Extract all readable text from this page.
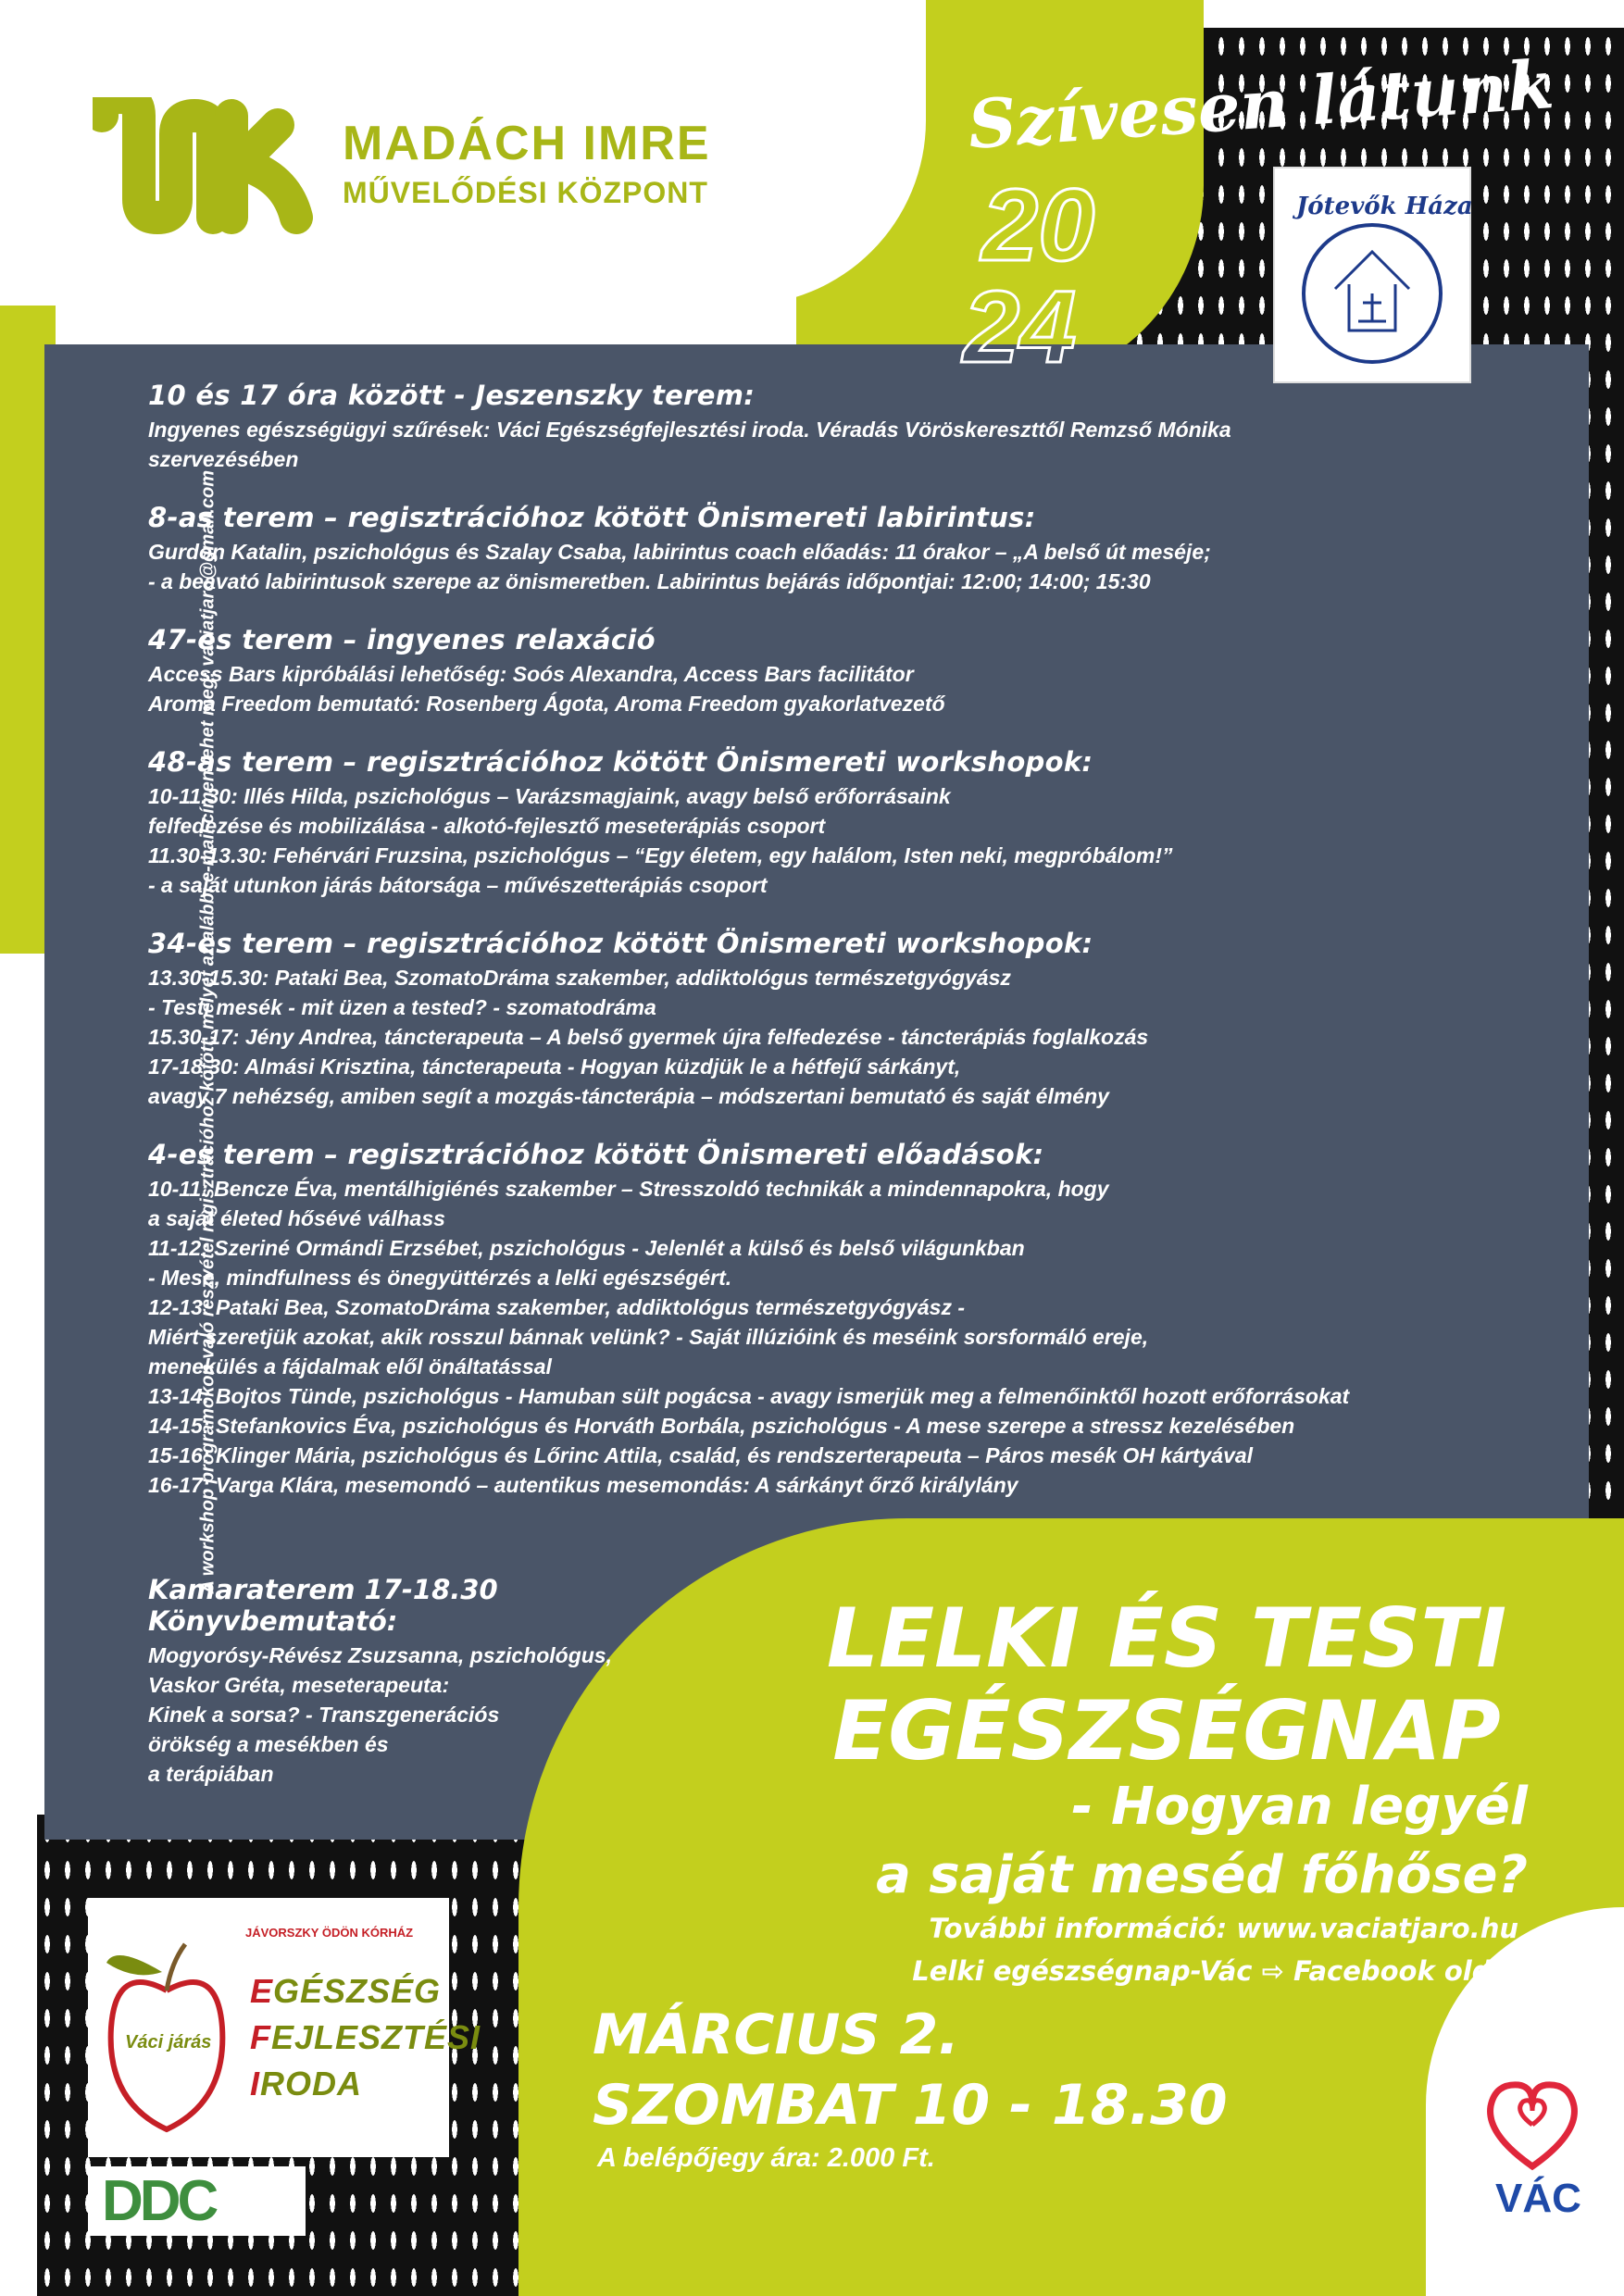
MADÁCH IMRE
MŰVELŐDÉSI KÖZPONT
Szívesen látunk
20
24
Jótevők Háza
A workshop programokon való részvétel regisztrációhoz kötött, melyet az alábbi e-mail címen tehet meg: vaciatjaro@gmail.com
10 és 17 óra között - Jeszenszky terem:

Ingyenes egészségügyi szűrések: Váci Egészségfejlesztési iroda. Véradás Vöröskereszttől Remzső Mónika

szervezésében

8-as terem – regisztrációhoz kötött Önismereti labirintus:

Gurdon Katalin, pszichológus és Szalay Csaba, labirintus coach előadás: 11 órakor – „A belső út meséje;

- a beavató labirintusok szerepe az önismeretben. Labirintus bejárás időpontjai: 12:00; 14:00; 15:30

47-es terem – ingyenes relaxáció

Access Bars kipróbálási lehetőség: Soós Alexandra, Access Bars facilitátor

Aroma Freedom bemutató: Rosenberg Ágota, Aroma Freedom gyakorlatvezető

48-as terem – regisztrációhoz kötött Önismereti workshopok:

10-11.30: Illés Hilda, pszichológus – Varázsmagjaink, avagy belső erőforrásaink

felfedezése és mobilizálása - alkotó-fejlesztő meseterápiás csoport

11.30-13.30: Fehérvári Fruzsina, pszichológus – “Egy életem, egy halálom, Isten neki, megpróbálom!”

- a saját utunkon járás bátorsága – művészetterápiás csoport

34-es terem – regisztrációhoz kötött Önismereti workshopok:

13.30-15.30: Pataki Bea, SzomatoDráma szakember, addiktológus természetgyógyász

- Testi mesék - mit üzen a tested? - szomatodráma

15.30-17: Jény Andrea, táncterapeuta – A belső gyermek újra felfedezése - táncterápiás foglalkozás

17-18.30: Almási Krisztina, táncterapeuta - Hogyan küzdjük le a hétfejű sárkányt,

avagy 7 nehézség, amiben segít a mozgás-táncterápia – módszertani bemutató és saját élmény

4-es terem – regisztrációhoz kötött Önismereti előadások:

10-11: Bencze Éva, mentálhigiénés szakember – Stresszoldó technikák a mindennapokra, hogy

a saját életed hősévé válhass

11-12: Szeriné Ormándi Erzsébet, pszichológus - Jelenlét a külső és belső világunkban

- Mese, mindfulness és önegyüttérzés a lelki egészségért.

12-13: Pataki Bea, SzomatoDráma szakember, addiktológus természetgyógyász -

Miért szeretjük azokat, akik rosszul bánnak velünk? - Saját illúzióink és meséink sorsformáló ereje,

menekülés a fájdalmak elől önáltatással

13-14: Bojtos Tünde, pszichológus - Hamuban sült pogácsa - avagy ismerjük meg a felmenőinktől hozott erőforrásokat

14-15: Stefankovics Éva, pszichológus és Horváth Borbála, pszichológus - A mese szerepe a stressz kezelésében

15-16: Klinger Mária, pszichológus és Lőrinc Attila, család, és rendszerterapeuta – Páros mesék OH kártyával

16-17: Varga Klára, mesemondó – autentikus mesemondás: A sárkányt őrző királylány

Kamaraterem 17-18.30 Könyvbemutató:

Mogyorósy-Révész Zsuzsanna, pszichológus,

Vaskor Gréta, meseterapeuta:

Kinek a sorsa? - Transzgenerációs

örökség a mesékben és

a terápiában

LELKI ÉS TESTI
EGÉSZSÉGNAP
- Hogyan legyél
a saját meséd főhőse?
További információ: www.vaciatjaro.hu
Lelki egészségnap-Vác ⇨ Facebook oldal
MÁRCIUS 2.
SZOMBAT 10 - 18.30
A belépőjegy ára: 2.000 Ft.
JÁVORSZKY ÖDÖN KÓRHÁZ
EGÉSZSÉG
FEJLESZTÉSI
IRODA
Váci járás
DDC	VÁC
